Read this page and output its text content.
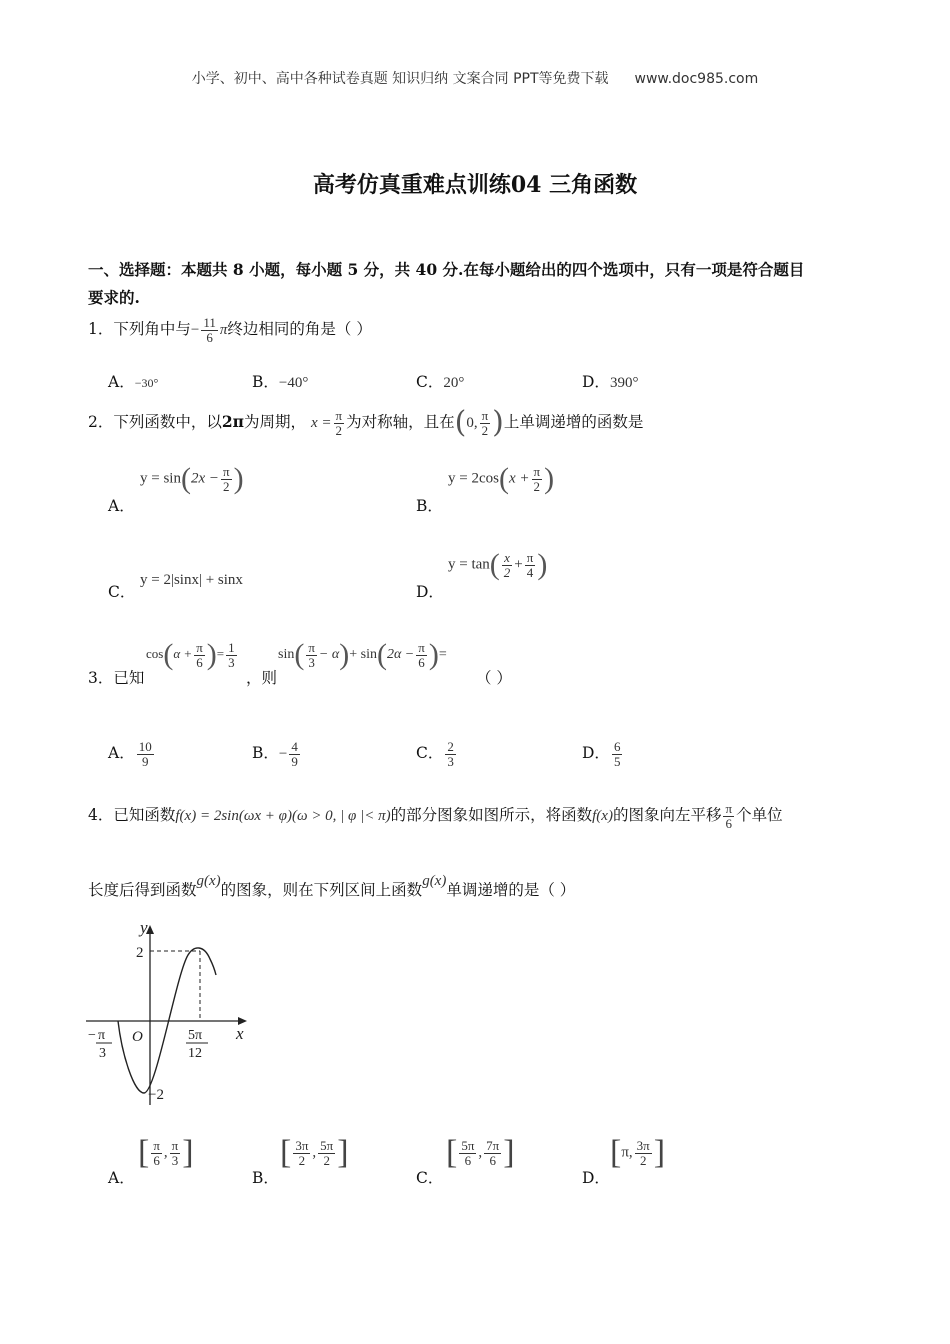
小学、初中、高中各种试卷真题 知识归纳 文案合同 PPT等免费下载 www.doc985.com
高考仿真重难点训练04 三角函数
一、选择题：本题共 8 小题，每小题 5 分，共 40 分.在每小题给出的四个选项中，只有一项是符合题目
要求的.
1．下列角中与− $\frac{11}{6}$ π终边相同的角是（ ）
A．−30°	B．−40°	C．20°	D．390°
2．下列函数中，以2π为周期， $x = \frac{\pi}{2}$ 为对称轴，且在(0, $\frac{\pi}{2}$ )上单调递增的函数是
A．
$y = \sin(2x - \frac{\pi}{2}$ )
B．
$y = 2\cos(x + \frac{\pi}{2}$ )
C．
y = 2|sinx| + sinx
D．
$y = \tan( \frac{x}{2} + \frac{\pi}{4}$ )
3．已知
$\cos(\alpha + \frac{\pi}{6}$ )= $\frac{1}{3}$
，则
$\sin( \frac{\pi}{3} - \alpha)+ \sin(2\alpha - \frac{\pi}{6}$ )=
（ ）
A． $\frac{10}{9}$	B．− $\frac{4}{9}$	C． $\frac{2}{3}$	D． $\frac{6}{5}$
4．已知函数f(x) = 2sin(ωx + φ)(ω > 0, | φ |< π)的部分图象如图所示，将函数f(x)的图象向左平移 $\frac{\pi}{6}$ 个单位
长度后得到函数g(x)的图象，则在下列区间上函数g(x)单调递增的是（ ）
y
x
O
2
−2
− π
3
5π
12
A．
[ $\frac{\pi}{6}$ , $\frac{\pi}{3}$ ]
B．
[ $\frac{3\pi}{2}$ , $\frac{5\pi}{2}$ ]
C．
[ $\frac{5\pi}{6}$ , $\frac{7\pi}{6}$ ]
D．
[π, $\frac{3\pi}{2}$ ]
